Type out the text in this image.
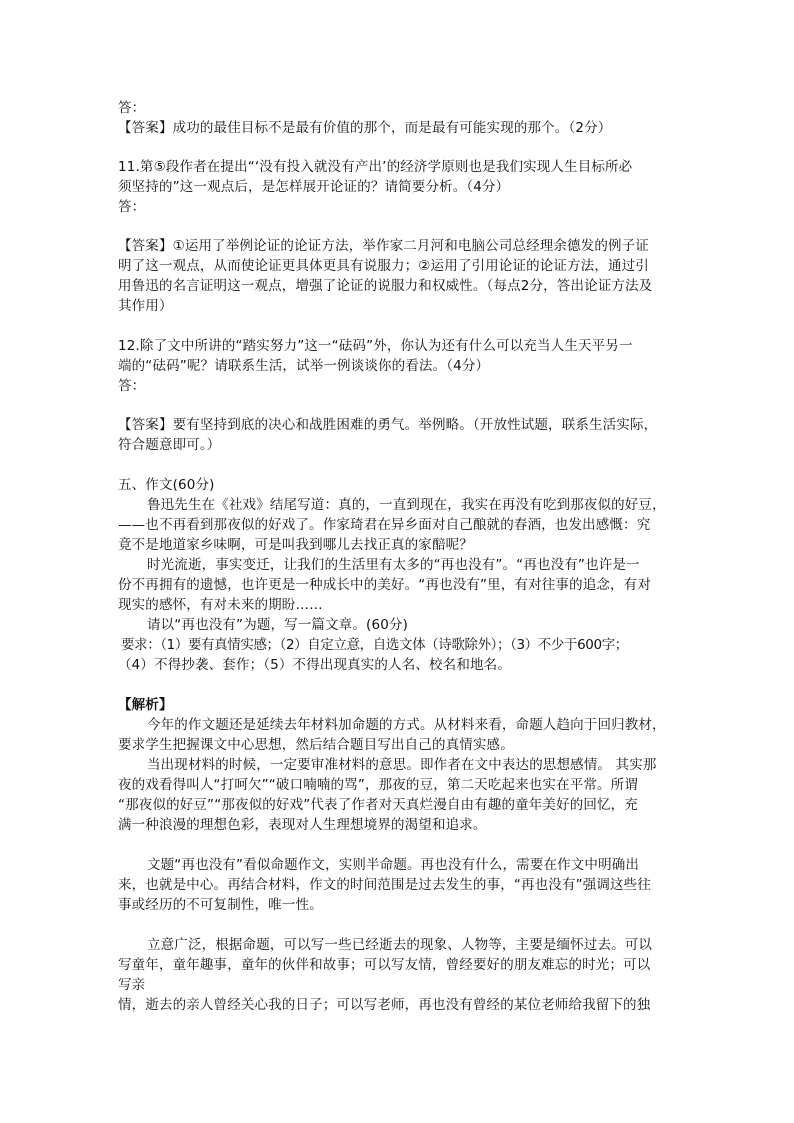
答：
【答案】成功的最佳目标不是最有价值的那个，而是最有可能实现的那个。（2分）
11.第⑤段作者在提出“‘没有投入就没有产出’的经济学原则也是我们实现人生目标所必
须坚持的”这一观点后，是怎样展开论证的？请简要分析。（4分）
答：
【答案】①运用了举例论证的论证方法，举作家二月河和电脑公司总经理余德发的例子证
明了这一观点，从而使论证更具体更具有说服力；②运用了引用论证的论证方法，通过引
用鲁迅的名言证明这一观点，增强了论证的说服力和权威性。（每点2分，答出论证方法及
其作用）
12.除了文中所讲的“踏实努力”这一“砝码”外，你认为还有什么可以充当人生天平另一
端的“砝码”呢？请联系生活，试举一例谈谈你的看法。（4分）
答：
【答案】要有坚持到底的决心和战胜困难的勇气。举例略。（开放性试题，联系生活实际，
符合题意即可。）
五、作文(60分)
鲁迅先生在《社戏》结尾写道：真的，一直到现在，我实在再没有吃到那夜似的好豆，
——也不再看到那夜似的好戏了。作家琦君在异乡面对自己酿就的春酒，也发出感慨：究
竟不是地道家乡味啊，可是叫我到哪儿去找正真的家醅呢？
时光流逝，事实变迁，让我们的生活里有太多的“再也没有”。“再也没有”也许是一
份不再拥有的遗憾，也许更是一种成长中的美好。“再也没有”里，有对往事的追念，有对
现实的感怀，有对未来的期盼……
请以“再也没有”为题，写一篇文章。(60分)
要求：（1）要有真情实感；（2）自定立意，自选文体（诗歌除外）；（3）不少于600字；
（4）不得抄袭、套作；（5）不得出现真实的人名、校名和地名。
【解析】
今年的作文题还是延续去年材料加命题的方式。从材料来看，命题人趋向于回归教材，
要求学生把握课文中心思想，然后结合题目写出自己的真情实感。
当出现材料的时候，一定要审准材料的意思。即作者在文中表达的思想感情。 其实那
夜的戏看得叫人“打呵欠”“破口喃喃的骂”，那夜的豆，第二天吃起来也实在平常。所谓
“那夜似的好豆”“那夜似的好戏”代表了作者对天真烂漫自由有趣的童年美好的回忆，充
满一种浪漫的理想色彩，表现对人生理想境界的渴望和追求。
文题“再也没有”看似命题作文，实则半命题。再也没有什么，需要在作文中明确出
来，也就是中心。再结合材料，作文的时间范围是过去发生的事，“再也没有”强调这些往
事或经历的不可复制性，唯一性。
立意广泛，根据命题，可以写一些已经逝去的现象、人物等，主要是缅怀过去。可以
写童年，童年趣事，童年的伙伴和故事；可以写友情，曾经要好的朋友难忘的时光；可以
写亲
情，逝去的亲人曾经关心我的日子；可以写老师，再也没有曾经的某位老师给我留下的独
